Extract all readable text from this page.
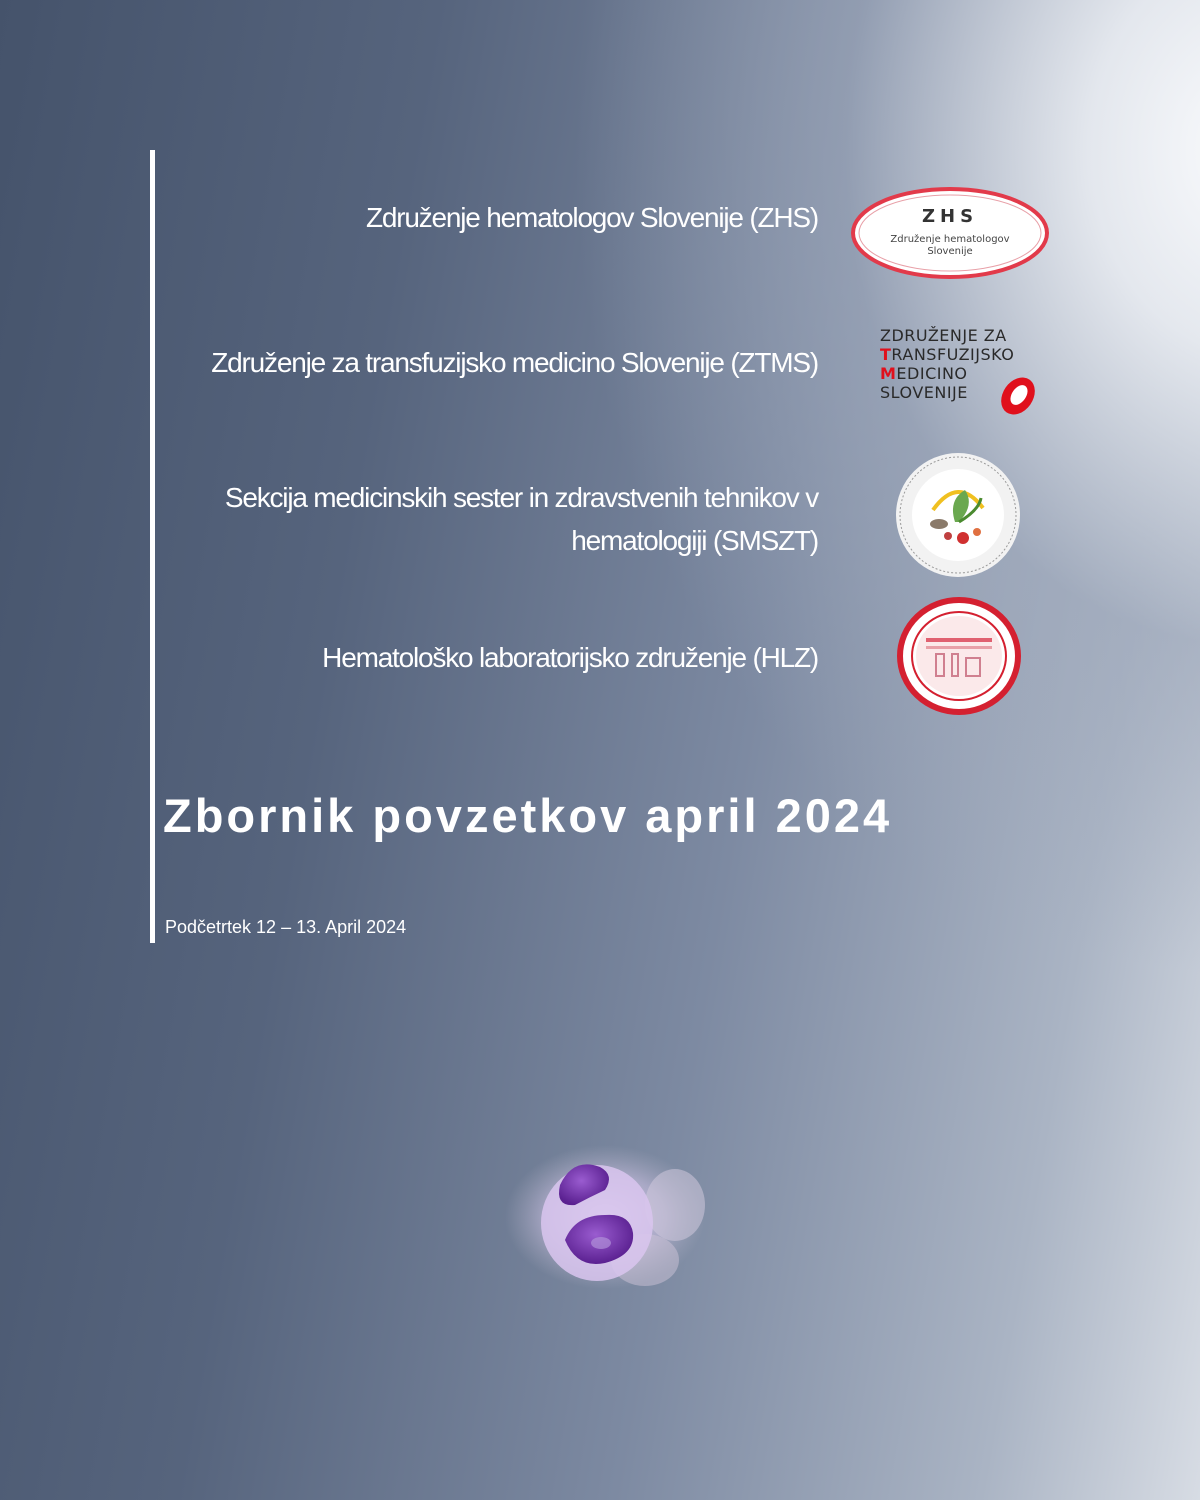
Združenje hematologov Slovenije (ZHS)	ZHS
Združenje hematologov
Slovenije
Združenje za transfuzijsko medicino Slovenije (ZTMS)
ZDRUŽENJE ZA
TRANSFUZIJSKO
MEDICINO
SLOVENIJE
Sekcija medicinskih sester in zdravstvenih tehnikov v
hematologiji (SMSZT)
Hematološko laboratorijsko združenje (HLZ)
Zbornik povzetkov april 2024
Podčetrtek 12 – 13. April 2024
